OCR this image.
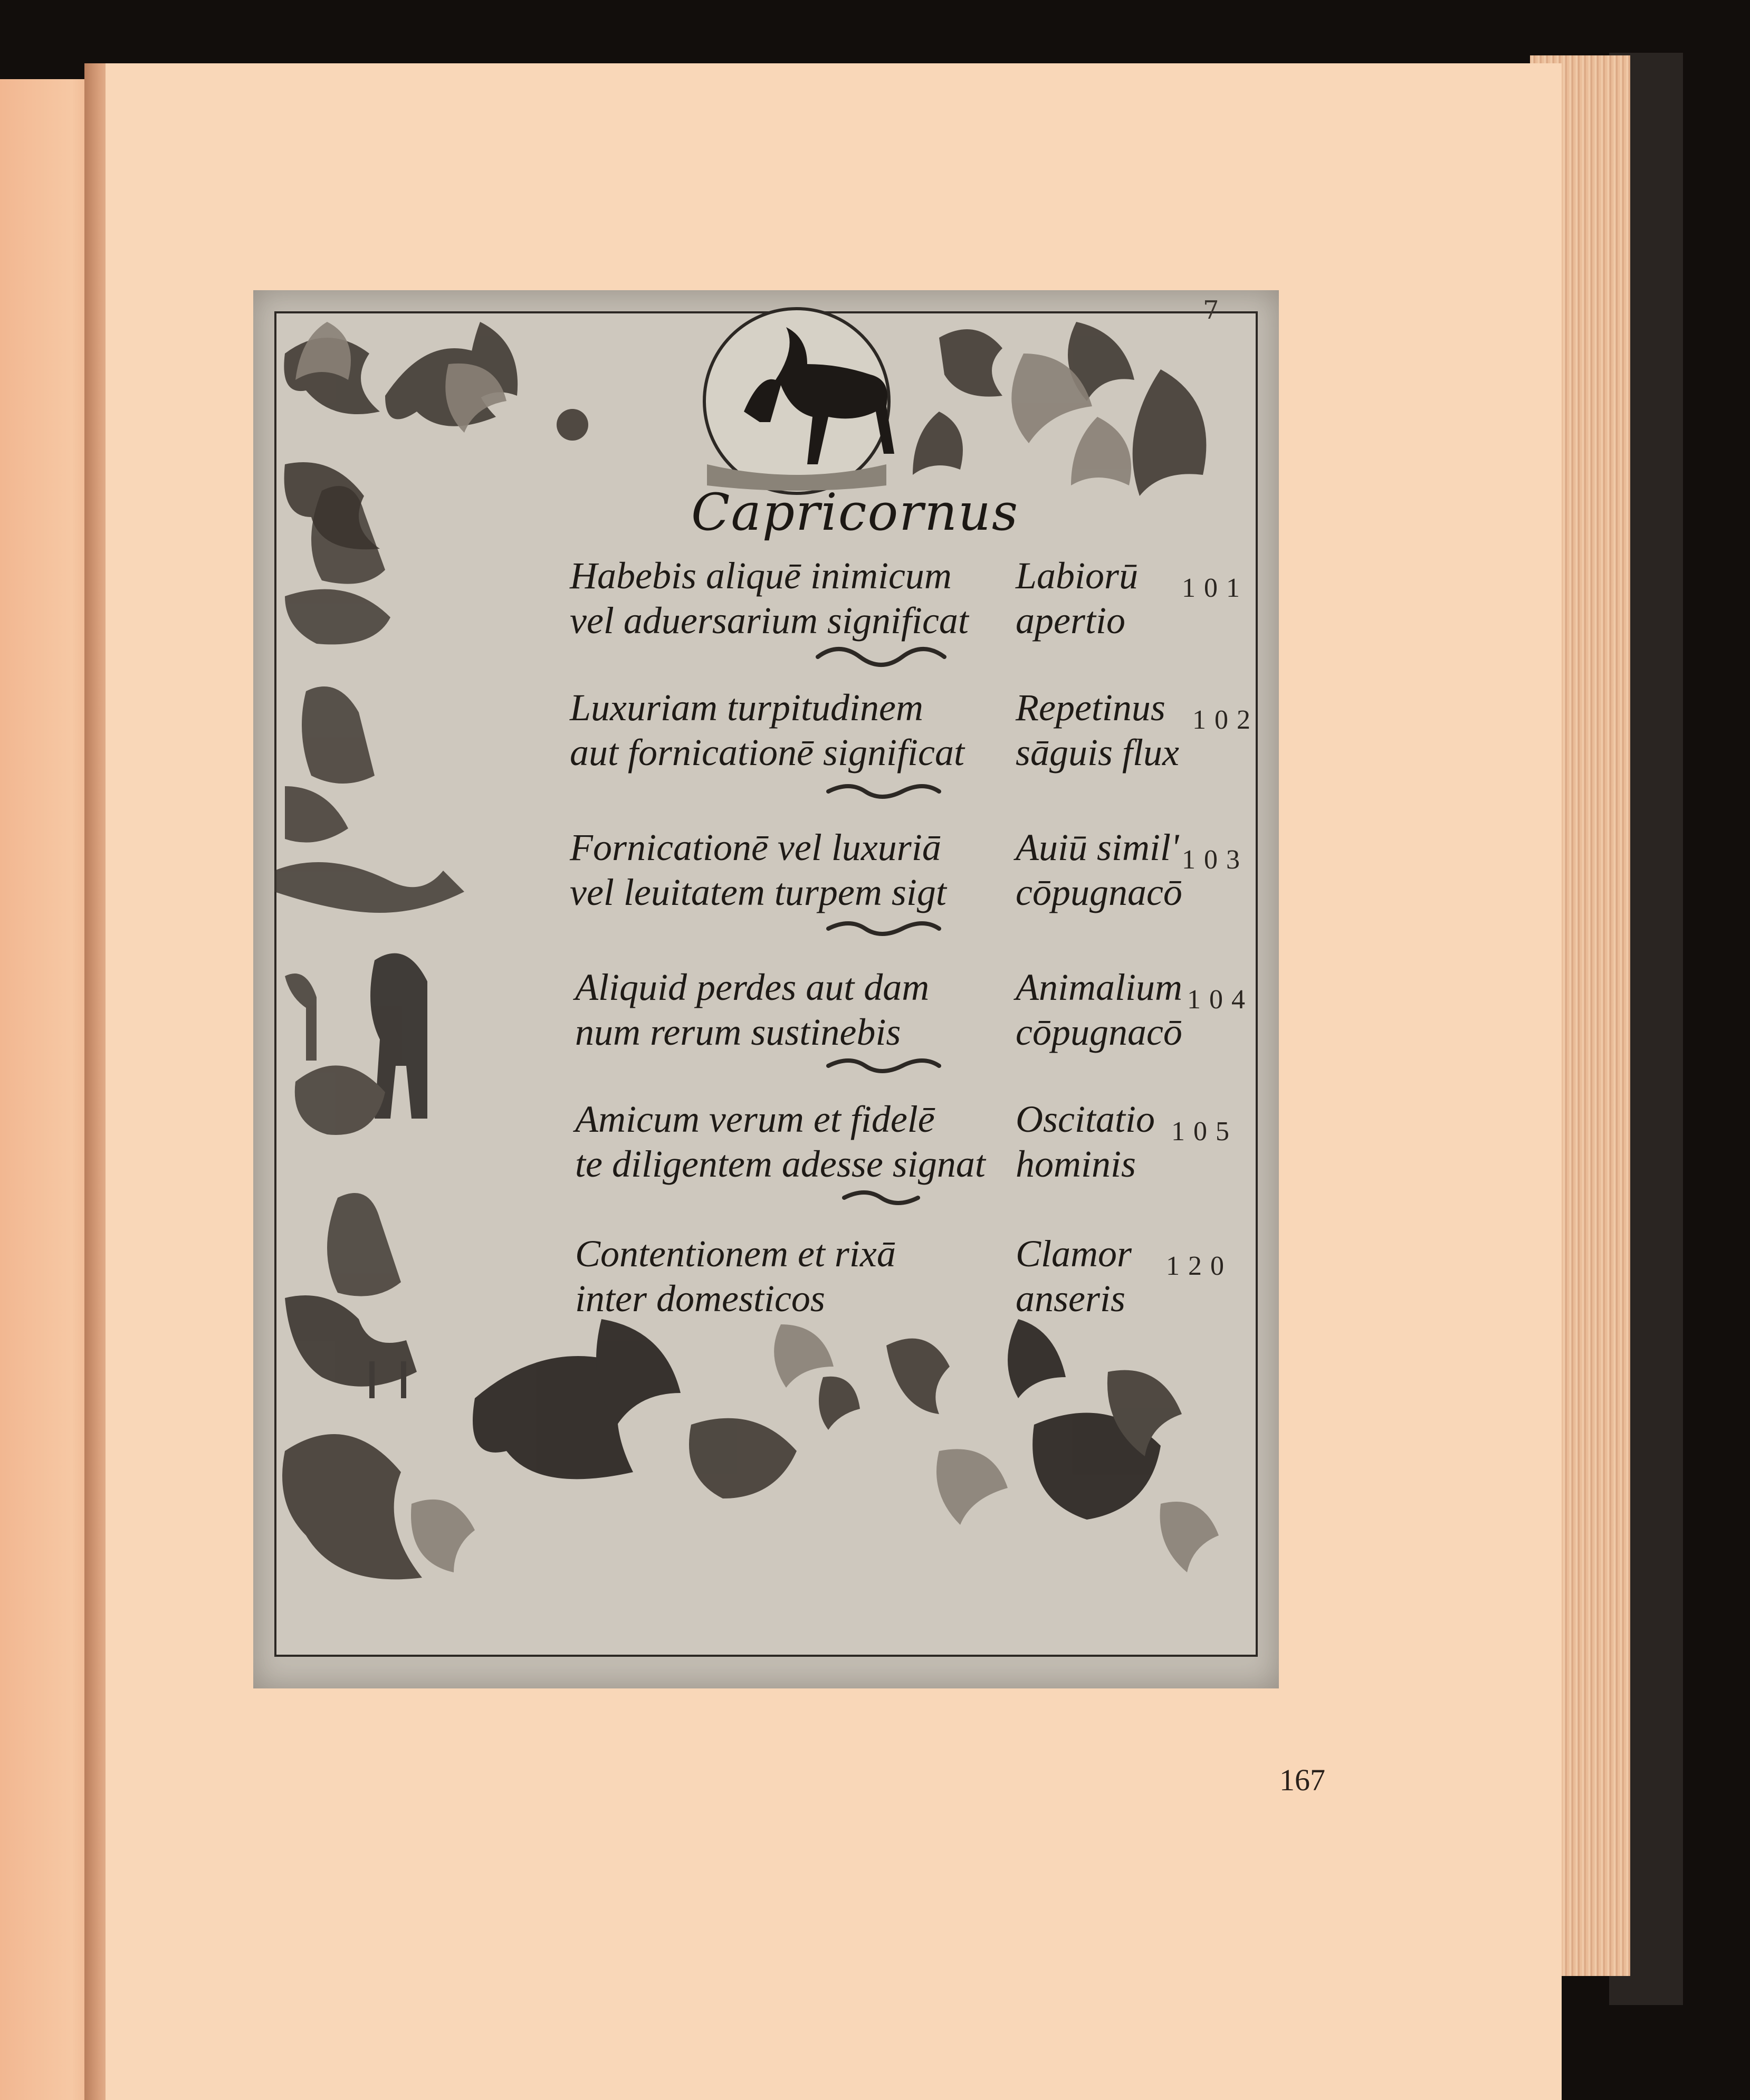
7
Capricornus
Habebis aliquē inimicum
vel aduersarium significat
Labiorū
apertio
101
Luxuriam turpitudinem
aut fornicationē significat
Repetinus
sāguis flux
102
Fornicationē vel luxuriā
vel leuitatem turpem sigt
Auiū simil'
cōpugnacō
103
Aliquid perdes aut dam
num rerum sustinebis
Animalium
cōpugnacō
104
Amicum verum et fidelē
te diligentem adesse signat
Oscitatio
hominis
105
Contentionem et rixā
inter domesticos
Clamor
anseris
120
167
